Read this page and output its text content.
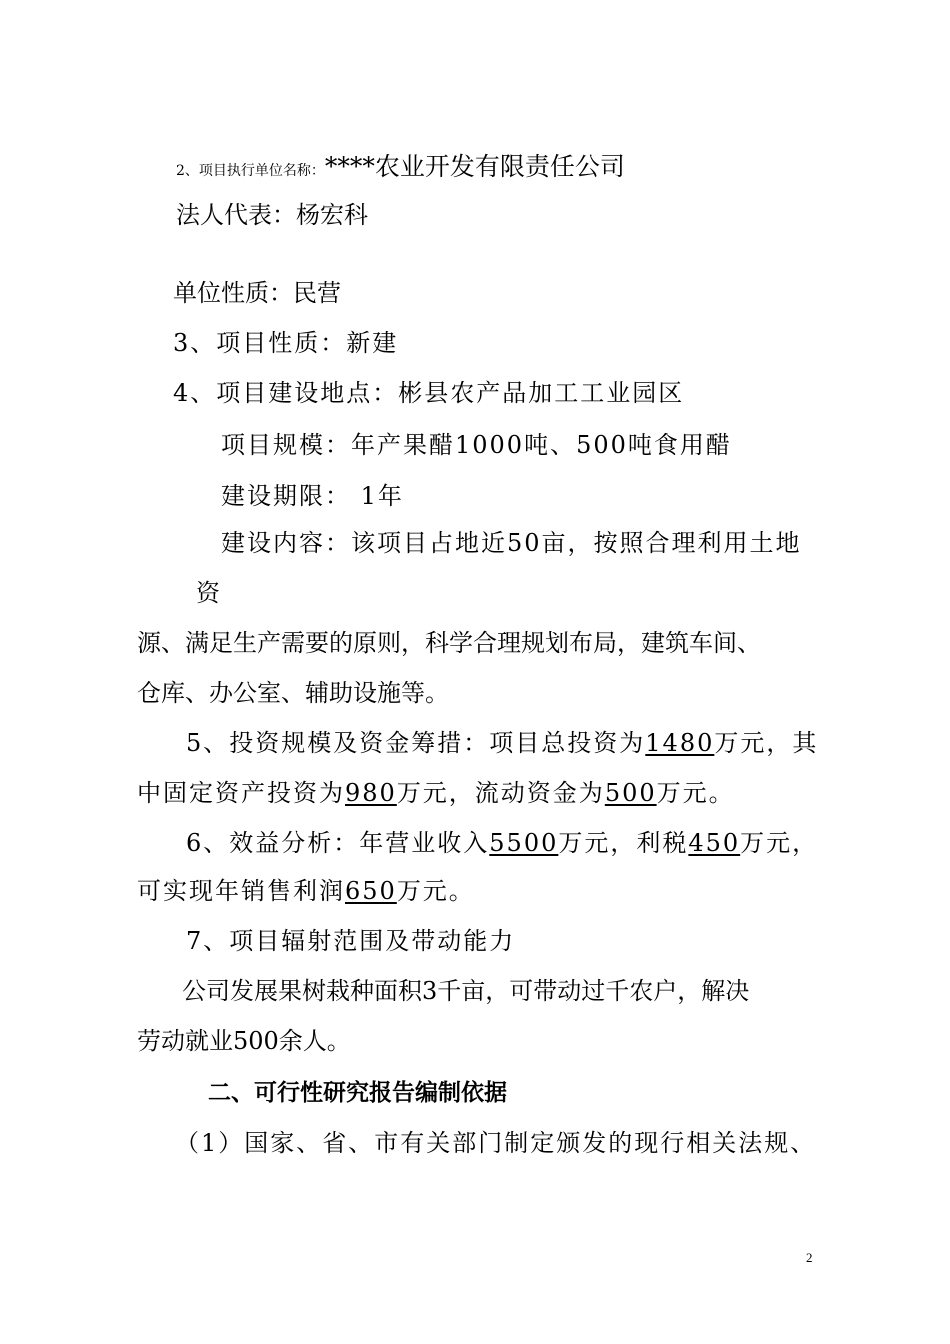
2、项目执行单位名称：****农业开发有限责任公司
法人代表：杨宏科
单位性质：民营
3、项目性质：新建
4、项目建设地点：彬县农产品加工工业园区
项目规模：年产果醋1000吨、500吨食用醋
建设期限： 1年
建设内容：该项目占地近50亩，按照合理利用土地
资
源、满足生产需要的原则，科学合理规划布局，建筑车间、
仓库、办公室、辅助设施等。
5、投资规模及资金筹措：项目总投资为1480万元，其
中固定资产投资为980万元，流动资金为500万元。
6、效益分析：年营业收入5500万元，利税450万元，
可实现年销售利润650万元。
7、项目辐射范围及带动能力
公司发展果树栽种面积3千亩，可带动过千农户，解决
劳动就业500余人。
二、可行性研究报告编制依据
（1）国家、省、市有关部门制定颁发的现行相关法规、
2
